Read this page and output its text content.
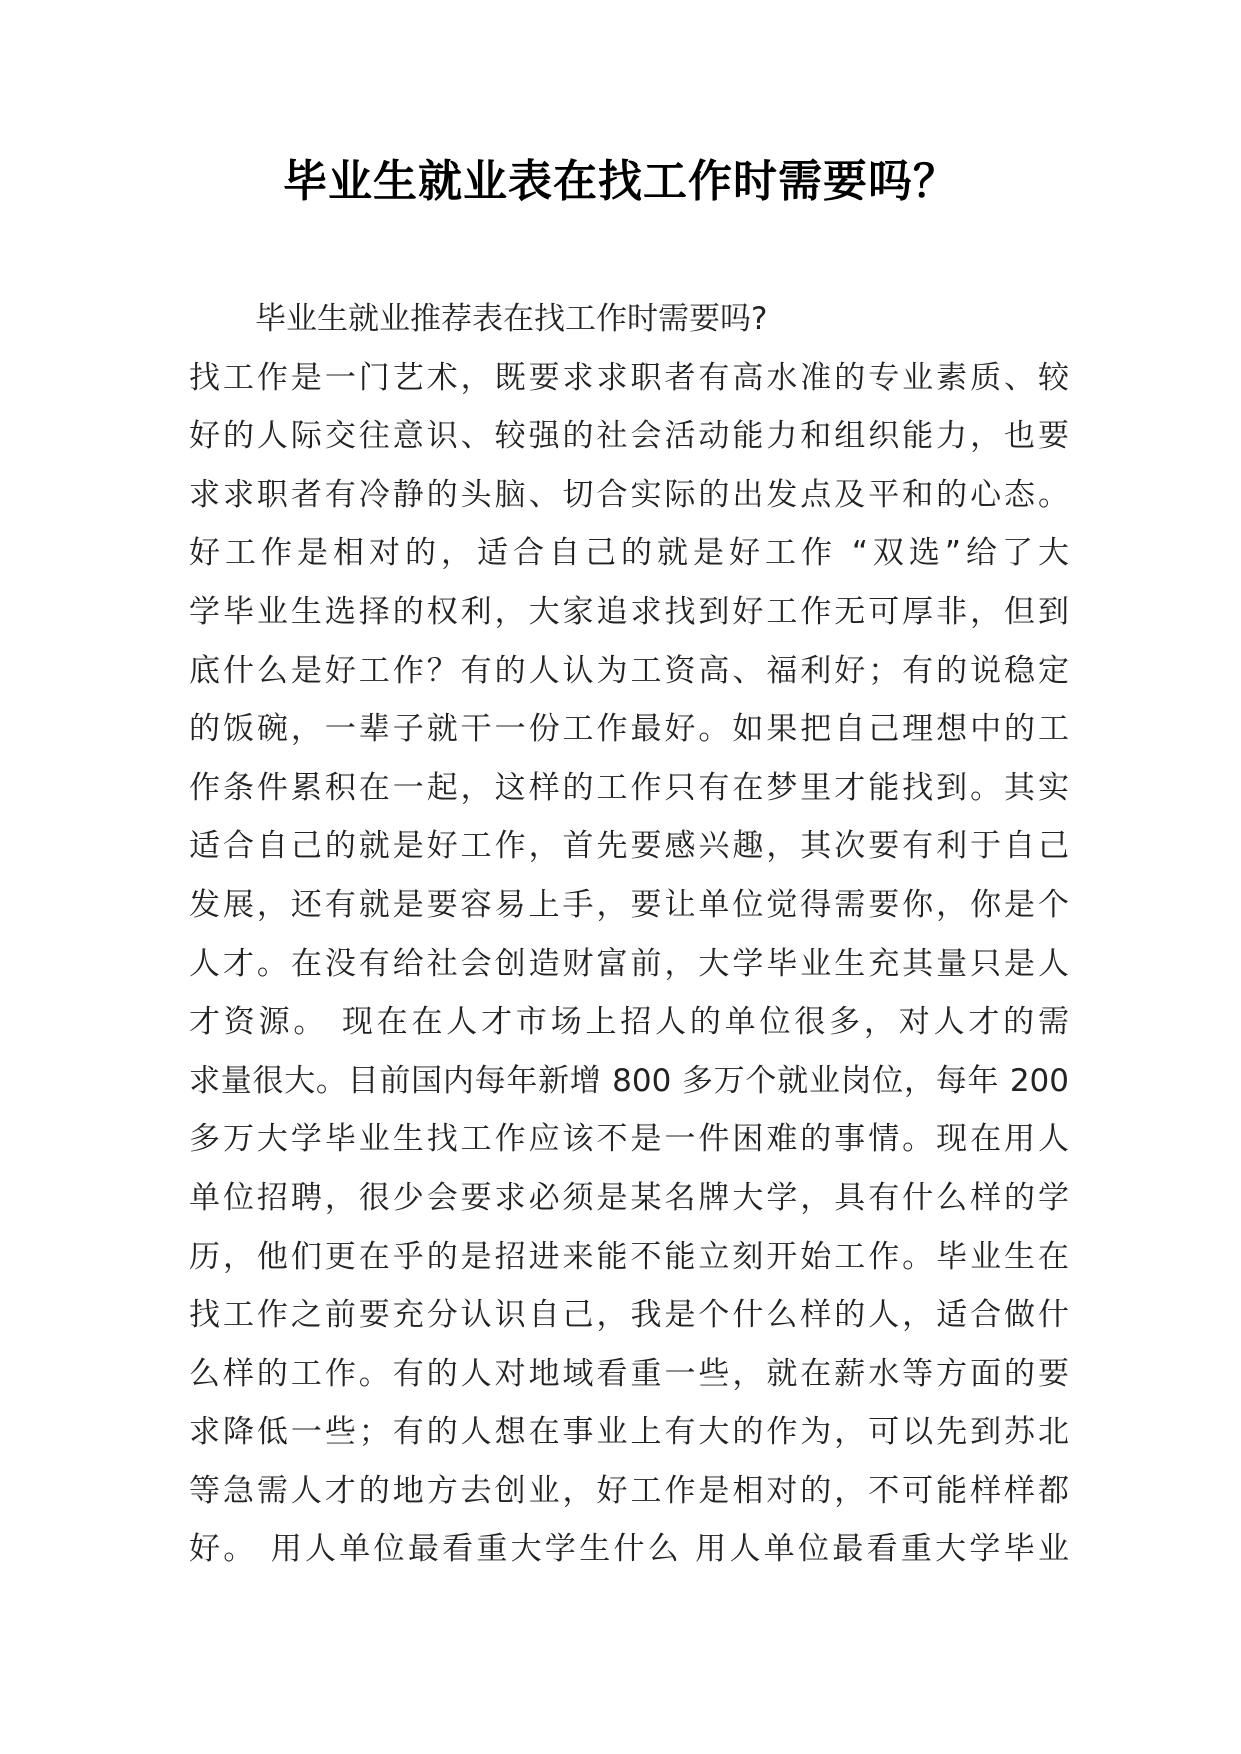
毕业生就业表在找工作时需要吗？
毕业生就业推荐表在找工作时需要吗?
找工作是一门艺术，既要求求职者有高水准的专业素质、较
好的人际交往意识、较强的社会活动能力和组织能力，也要
求求职者有冷静的头脑、切合实际的出发点及平和的心态。
好工作是相对的，适合自己的就是好工作 “双选”给了大
学毕业生选择的权利，大家追求找到好工作无可厚非，但到
底什么是好工作？有的人认为工资高、福利好；有的说稳定
的饭碗，一辈子就干一份工作最好。如果把自己理想中的工
作条件累积在一起，这样的工作只有在梦里才能找到。其实
适合自己的就是好工作，首先要感兴趣，其次要有利于自己
发展，还有就是要容易上手，要让单位觉得需要你，你是个
人才。在没有给社会创造财富前，大学毕业生充其量只是人
才资源。 现在在人才市场上招人的单位很多，对人才的需
求量很大。目前国内每年新增 800 多万个就业岗位，每年 200
多万大学毕业生找工作应该不是一件困难的事情。现在用人
单位招聘，很少会要求必须是某名牌大学，具有什么样的学
历，他们更在乎的是招进来能不能立刻开始工作。毕业生在
找工作之前要充分认识自己，我是个什么样的人，适合做什
么样的工作。有的人对地域看重一些，就在薪水等方面的要
求降低一些；有的人想在事业上有大的作为，可以先到苏北
等急需人才的地方去创业，好工作是相对的，不可能样样都
好。 用人单位最看重大学生什么 用人单位最看重大学毕业
